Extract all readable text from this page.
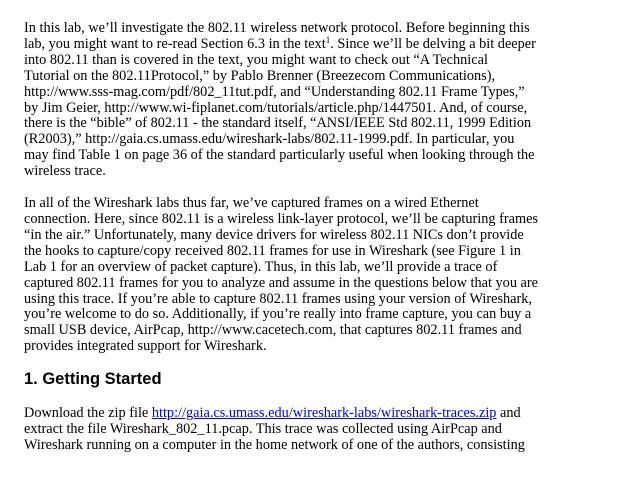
In this lab, we’ll investigate the 802.11 wireless network protocol. Before beginning this
lab, you might want to re-read Section 6.3 in the text$^1$. Since we’ll be delving a bit deeper
into 802.11 than is covered in the text, you might want to check out “A Technical
Tutorial on the 802.11Protocol,” by Pablo Brenner (Breezecom Communications),
http://www.sss-mag.com/pdf/802_11tut.pdf, and “Understanding 802.11 Frame Types,”
by Jim Geier, http://www.wi-fiplanet.com/tutorials/article.php/1447501. And, of course,
there is the “bible” of 802.11 - the standard itself, “ANSI/IEEE Std 802.11, 1999 Edition
(R2003),” http://gaia.cs.umass.edu/wireshark-labs/802.11-1999.pdf. In particular, you
may find Table 1 on page 36 of the standard particularly useful when looking through the
wireless trace.

In all of the Wireshark labs thus far, we’ve captured frames on a wired Ethernet
connection. Here, since 802.11 is a wireless link-layer protocol, we’ll be capturing frames
“in the air.” Unfortunately, many device drivers for wireless 802.11 NICs don’t provide
the hooks to capture/copy received 802.11 frames for use in Wireshark (see Figure 1 in
Lab 1 for an overview of packet capture). Thus, in this lab, we’ll provide a trace of
captured 802.11 frames for you to analyze and assume in the questions below that you are
using this trace. If you’re able to capture 802.11 frames using your version of Wireshark,
you’re welcome to do so. Additionally, if you’re really into frame capture, you can buy a
small USB device, AirPcap, http://www.cacetech.com, that captures 802.11 frames and
provides integrated support for Wireshark.

1. Getting Started

Download the zip file http://gaia.cs.umass.edu/wireshark-labs/wireshark-traces.zip and
extract the file Wireshark_802_11.pcap. This trace was collected using AirPcap and
Wireshark running on a computer in the home network of one of the authors, consisting
